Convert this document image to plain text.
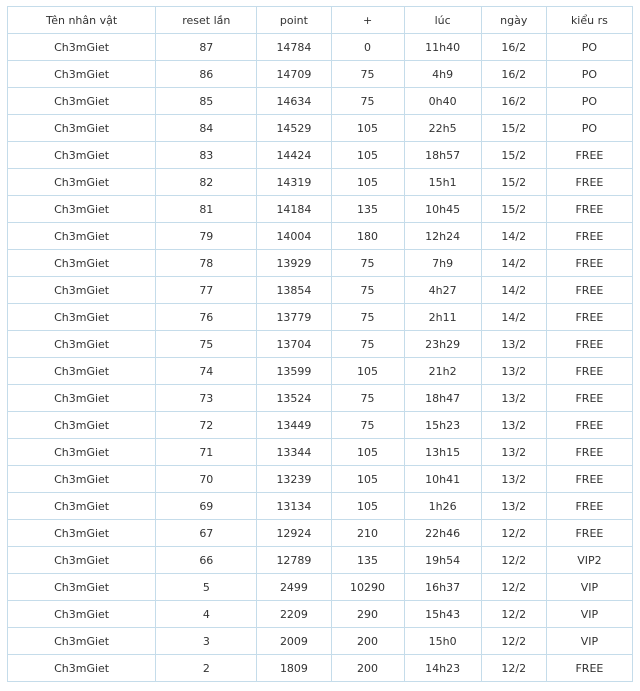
Tên nhân vật	reset lần	point	+	lúc	ngày	kiểu rs
Ch3mGiet	87	14784	0	11h40	16/2	PO
Ch3mGiet	86	14709	75	4h9	16/2	PO
Ch3mGiet	85	14634	75	0h40	16/2	PO
Ch3mGiet	84	14529	105	22h5	15/2	PO
Ch3mGiet	83	14424	105	18h57	15/2	FREE
Ch3mGiet	82	14319	105	15h1	15/2	FREE
Ch3mGiet	81	14184	135	10h45	15/2	FREE
Ch3mGiet	79	14004	180	12h24	14/2	FREE
Ch3mGiet	78	13929	75	7h9	14/2	FREE
Ch3mGiet	77	13854	75	4h27	14/2	FREE
Ch3mGiet	76	13779	75	2h11	14/2	FREE
Ch3mGiet	75	13704	75	23h29	13/2	FREE
Ch3mGiet	74	13599	105	21h2	13/2	FREE
Ch3mGiet	73	13524	75	18h47	13/2	FREE
Ch3mGiet	72	13449	75	15h23	13/2	FREE
Ch3mGiet	71	13344	105	13h15	13/2	FREE
Ch3mGiet	70	13239	105	10h41	13/2	FREE
Ch3mGiet	69	13134	105	1h26	13/2	FREE
Ch3mGiet	67	12924	210	22h46	12/2	FREE
Ch3mGiet	66	12789	135	19h54	12/2	VIP2
Ch3mGiet	5	2499	10290	16h37	12/2	VIP
Ch3mGiet	4	2209	290	15h43	12/2	VIP
Ch3mGiet	3	2009	200	15h0	12/2	VIP
Ch3mGiet	2	1809	200	14h23	12/2	FREE
